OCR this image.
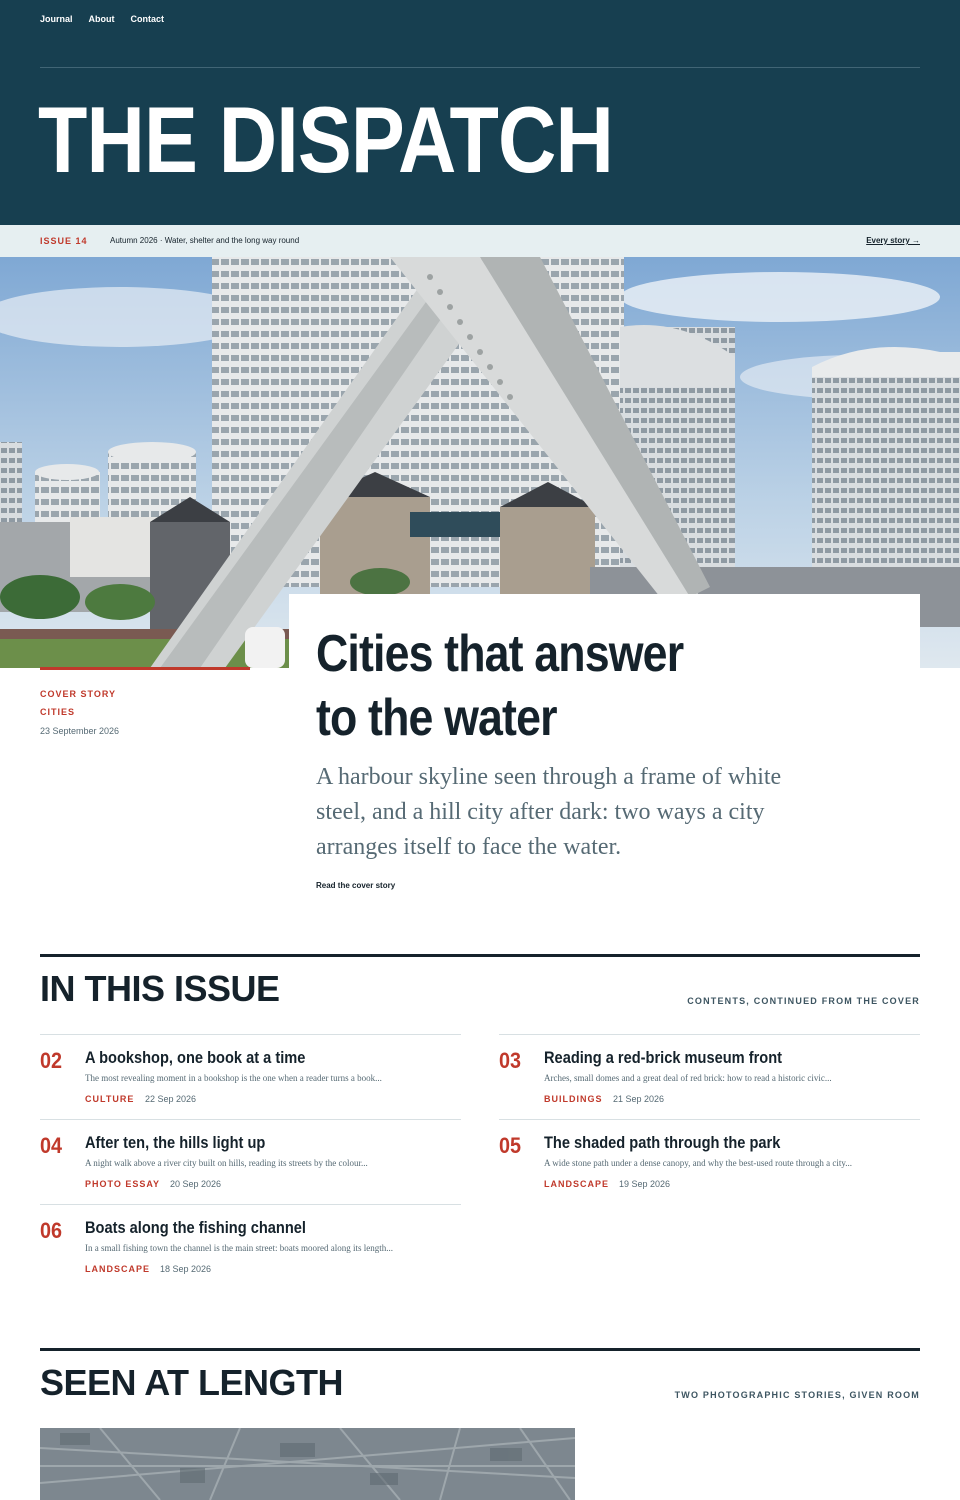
Journal About Contact
THE DISPATCH
ISSUE 14	Autumn 2026 · Water, shelter and the long way round	Every story →
Cities that answer to the water

A harbour skyline seen through a frame of white steel, and a hill city after dark: two ways a city arranges itself to face the water.

Read the cover story
COVER STORY
CITIES
23 September 2026
IN THIS ISSUE	CONTENTS, CONTINUED FROM THE COVER
02 A bookshop, one book at a time
The most revealing moment in a bookshop is the one when a reader turns a book...
CULTURE 22 Sep 2026
03 Reading a red-brick museum front
Arches, small domes and a great deal of red brick: how to read a historic civic...
BUILDINGS 21 Sep 2026
04 After ten, the hills light up
A night walk above a river city built on hills, reading its streets by the colour...
PHOTO ESSAY 20 Sep 2026
05 The shaded path through the park
A wide stone path under a dense canopy, and why the best-used route through a city...
LANDSCAPE 19 Sep 2026
06 Boats along the fishing channel
In a small fishing town the channel is the main street: boats moored along its length...
LANDSCAPE 18 Sep 2026
SEEN AT LENGTH	TWO PHOTOGRAPHIC STORIES, GIVEN ROOM
